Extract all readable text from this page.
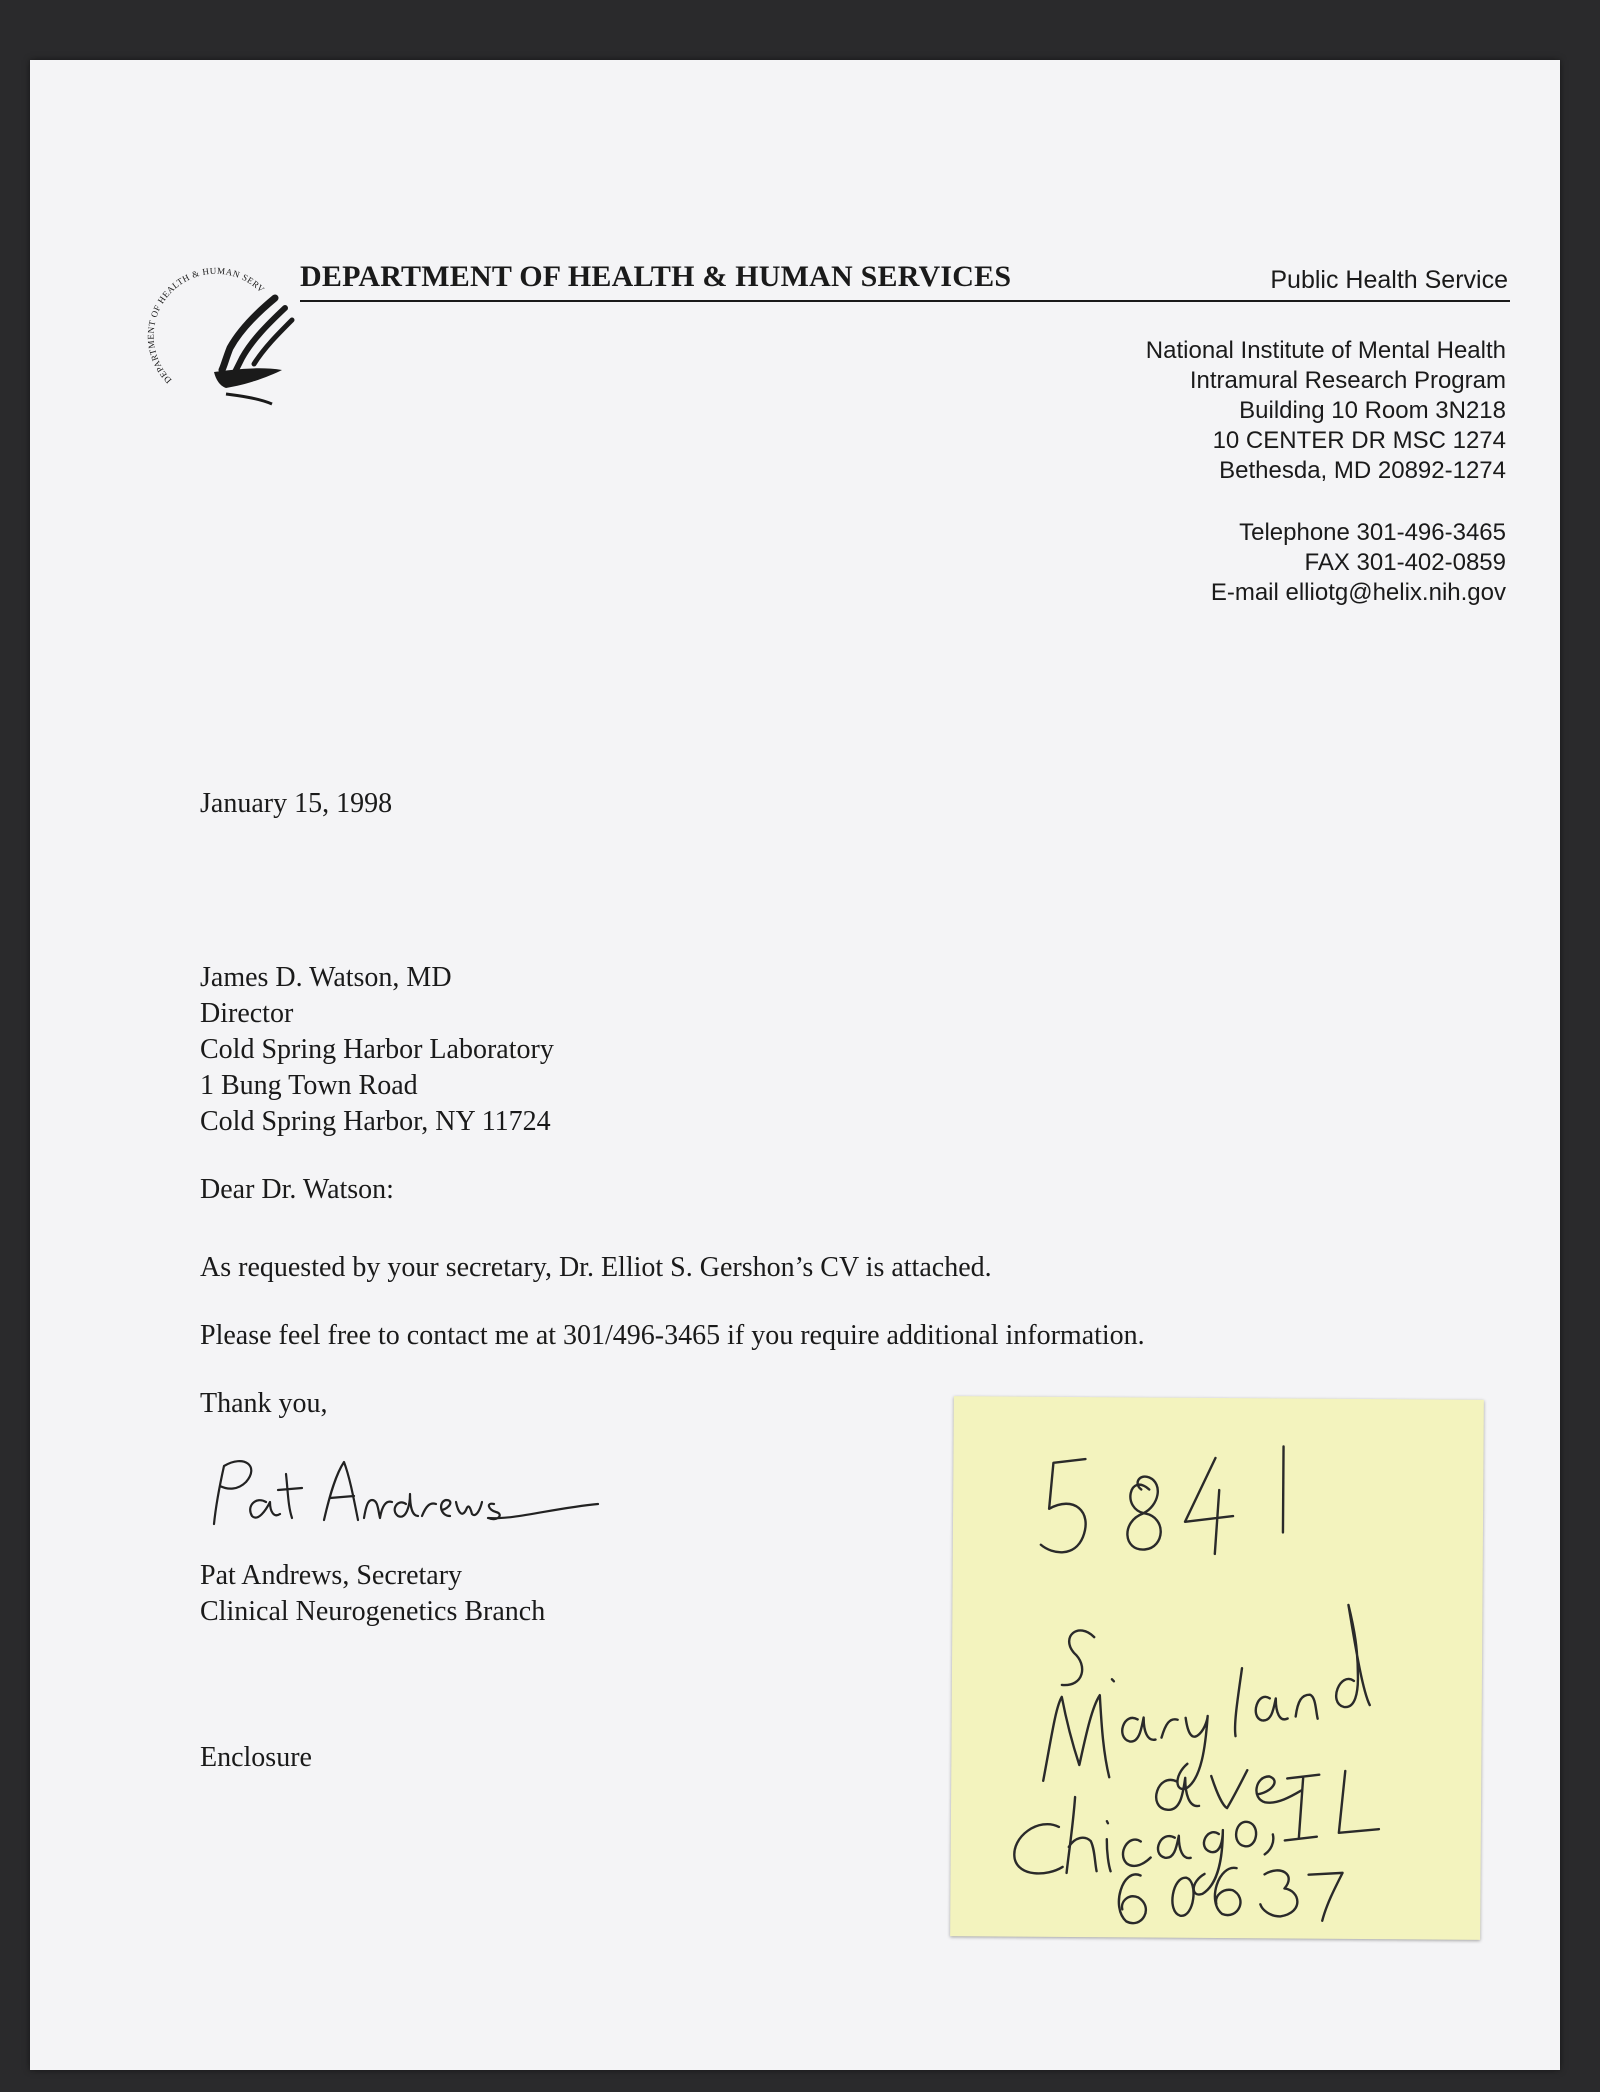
DEPARTMENT OF HEALTH & HUMAN SERV DEPARTMENT OF HEALTH & HUMAN SERVICES	Public Health Service
National Institute of Mental Health
Intramural Research Program
Building 10 Room 3N218
10 CENTER DR MSC 1274
Bethesda, MD 20892-1274
Telephone 301-496-3465
FAX 301-402-0859
E-mail elliotg@helix.nih.gov
January 15, 1998
James D. Watson, MD
Director
Cold Spring Harbor Laboratory
1 Bung Town Road
Cold Spring Harbor, NY 11724
Dear Dr. Watson:
As requested by your secretary, Dr. Elliot S. Gershon’s CV is attached.
Please feel free to contact me at 301/496-3465 if you require additional information.
Thank you,
Pat Andrews, Secretary
Clinical Neurogenetics Branch
Enclosure
